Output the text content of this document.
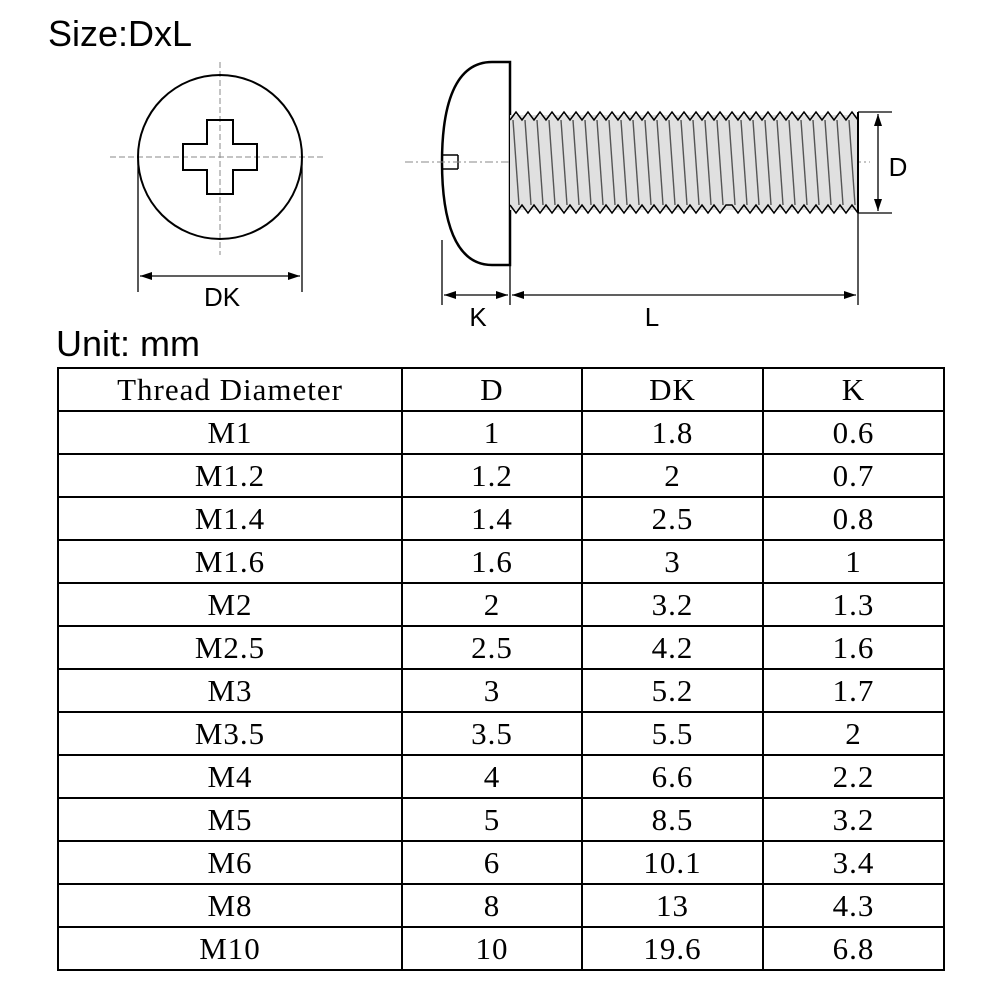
Size:DxL
DK
D
K	L
Unit: mm
Thread Diameter	D	DK	K
M1	1	1.8	0.6
M1.2	1.2	2	0.7
M1.4	1.4	2.5	0.8
M1.6	1.6	3	1
M2	2	3.2	1.3
M2.5	2.5	4.2	1.6
M3	3	5.2	1.7
M3.5	3.5	5.5	2
M4	4	6.6	2.2
M5	5	8.5	3.2
M6	6	10.1	3.4
M8	8	13	4.3
M10	10	19.6	6.8
